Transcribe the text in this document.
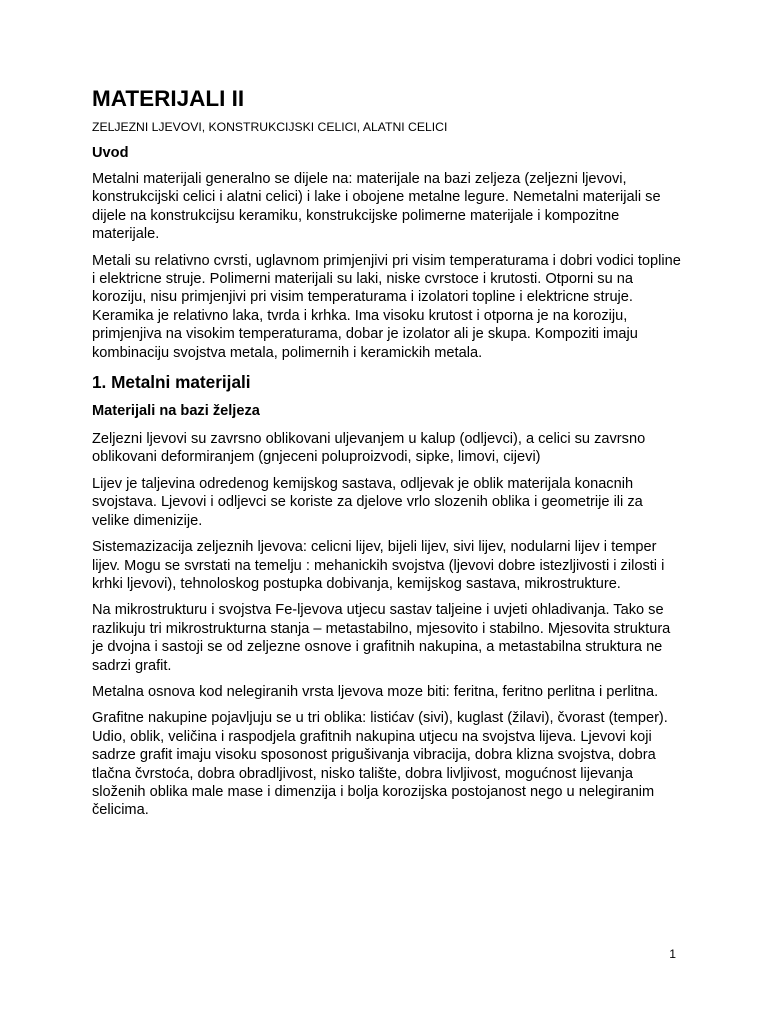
MATERIJALI II

ZELJEZNI LJEVOVI, KONSTRUKCIJSKI CELICI, ALATNI CELICI

Uvod

Metalni materijali generalno se dijele na: materijale na bazi zeljeza (zeljezni ljevovi, konstrukcijski celici i alatni celici) i lake i obojene metalne legure. Nemetalni materijali se dijele na konstrukcijsu keramiku, konstrukcijske polimerne materijale i kompozitne materijale.

Metali su relativno cvrsti, uglavnom primjenjivi pri visim temperaturama i dobri vodici topline i elektricne struje. Polimerni materijali su laki, niske cvrstoce i krutosti. Otporni su na koroziju, nisu primjenjivi pri visim temperaturama i izolatori topline i elektricne struje. Keramika je relativno laka, tvrda i krhka. Ima visoku krutost i otporna je na koroziju, primjenjiva na visokim temperaturama, dobar je izolator ali je skupa. Kompoziti imaju kombinaciju svojstva metala, polimernih i keramickih metala.

1. Metalni materijali
Materijali na bazi željeza

Zeljezni ljevovi su zavrsno oblikovani uljevanjem u kalup (odljevci), a celici su zavrsno oblikovani deformiranjem (gnjeceni poluproizvodi, sipke, limovi, cijevi)

Lijev je taljevina odredenog kemijskog sastava, odljevak je oblik materijala konacnih svojstava. Ljevovi i odljevci se koriste za djelove vrlo slozenih oblika i geometrije ili za velike dimenizije.

Sistemazizacija zeljeznih ljevova: celicni lijev, bijeli lijev, sivi lijev, nodularni lijev i temper lijev. Mogu se svrstati na temelju : mehanickih svojstva (ljevovi dobre istezljivosti i zilosti i krhki ljevovi), tehnoloskog postupka dobivanja, kemijskog sastava, mikrostrukture.

Na mikrostrukturu i svojstva Fe-ljevova utjecu sastav taljeine i uvjeti ohladivanja. Tako se razlikuju tri mikrostrukturna stanja – metastabilno, mjesovito i stabilno. Mjesovita struktura je dvojna i sastoji se od zeljezne osnove i grafitnih nakupina, a metastabilna struktura ne sadrzi grafit.

Metalna osnova kod nelegiranih vrsta ljevova moze biti: feritna, feritno perlitna i perlitna.

Grafitne nakupine pojavljuju se u tri oblika: listićav (sivi), kuglast (žilavi), čvorast (temper).

Udio, oblik, veličina i raspodjela grafitnih nakupina utjecu na svojstva lijeva. Ljevovi koji sadrze grafit imaju visoku sposonost prigušivanja vibracija, dobra klizna svojstva, dobra tlačna čvrstoća, dobra obradljivost, nisko talište, dobra livljivost, mogućnost lijevanja složenih oblika male mase i dimenzija i bolja korozijska postojanost nego u nelegiranim čelicima.

1
